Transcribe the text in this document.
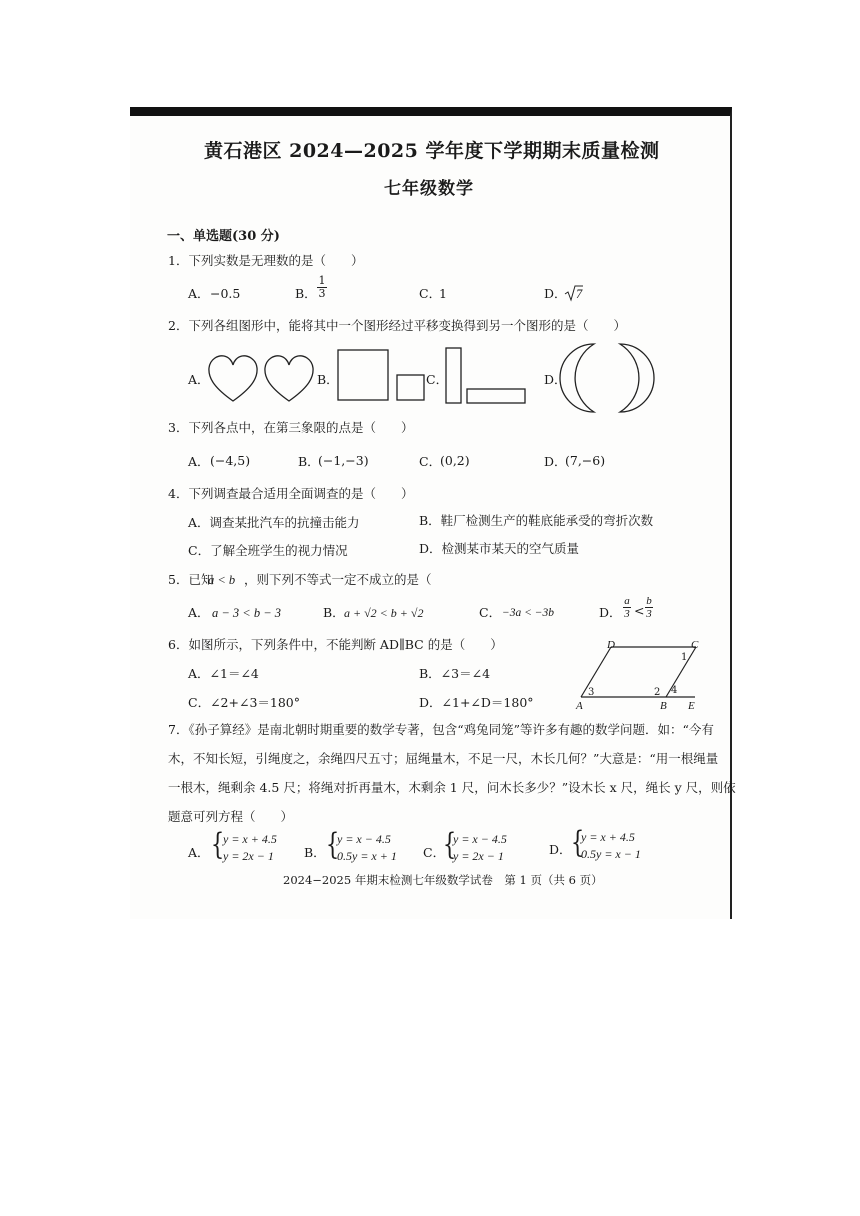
黄石港区 2024—2025 学年度下学期期末质量检测
七年级数学
一、单选题(30 分)
1．下列实数是无理数的是（　　）
A． −0.5	B． $\frac{1}{3}$	C．
1	D． 7
2．下列各组图形中，能将其中一个图形经过平移变换得到另一个图形的是（　　）
A．	B．	C．	D．
3．下列各点中，在第三象限的点是（　　）
A． (−4,5)	B．
(−1,−3)	C．
(0,2)	D．
(7,−6)
4．下列调查最合适用全面调查的是（　　）
A．调查某批汽车的抗撞击能力	B．鞋厂检测生产的鞋底能承受的弯折次数
C．了解全班学生的视力情况	D．检测某市某天的空气质量
5．已知
a < b ，则下列不等式一定不成立的是（
A． a − 3 < b − 3	B． a + √2 < b + √2	C． −3a < −3b	D． $\frac{a}{3} < \frac{b}{3}$
6．如图所示，下列条件中，不能判断 AD∥BC 的是（　　）
A．∠1＝∠4	B．∠3＝∠4
C．∠2+∠3＝180°	D．∠1+∠D＝180°
D	C
A	B E
1
2
3	4
7．《孙子算经》是南北朝时期重要的数学专著，包含“鸡兔同笼”等许多有趣的数学问题．如：“今有
木，不知长短，引绳度之，余绳四尺五寸；屈绳量木，不足一尺，木长几何？”大意是：“用一根绳量
一根木，绳剩余 4.5 尺；将绳对折再量木，木剩余 1 尺，问木长多少？”设木长 x 尺，绳长 y 尺，则依
题意可列方程（　　）
A． {
y = x + 4.5
y = 2x − 1 B． {
y = x − 4.5
0.5y = x + 1 C．
{
y = x − 4.5
y = 2x − 1	D． {
y = x + 4.5
0.5y = x − 1
2024−2025 年期末检测七年级数学试卷　第 1 页（共 6 页）
